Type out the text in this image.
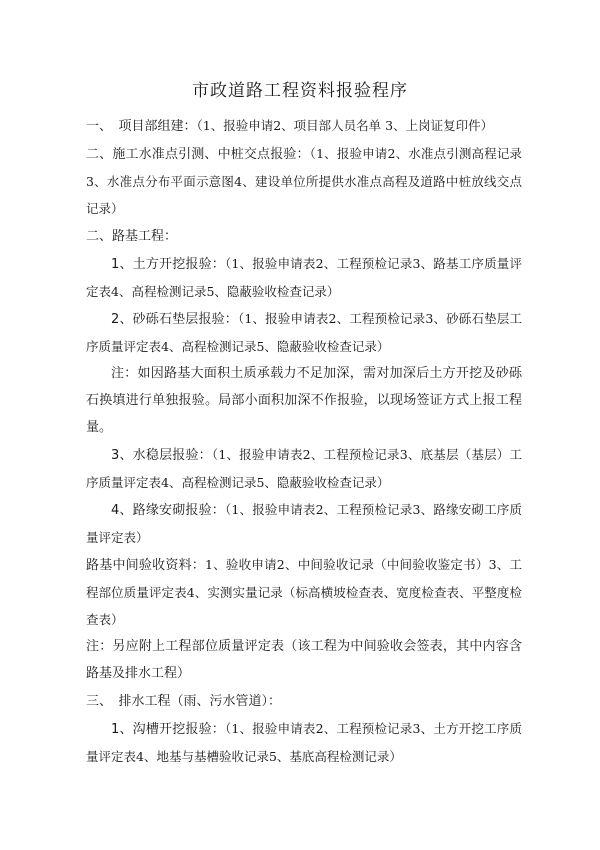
市政道路工程资料报验程序

一、　项目部组建：（1、报验申请2、项目部人员名单 3、上岗证复印件）

二、施工水准点引测、中桩交点报验：（1、报验申请2、水准点引测高程记录 3、水准点分布平面示意图4、建设单位所提供水准点高程及道路中桩放线交点记录）

二、路基工程：

1、土方开挖报验：（1、报验申请表2、工程预检记录3、路基工序质量评定表4、高程检测记录5、隐蔽验收检查记录）

2、砂砾石垫层报验：（1、报验申请表2、工程预检记录3、砂砾石垫层工序质量评定表4、高程检测记录5、隐蔽验收检查记录）

注：如因路基大面积土质承载力不足加深，需对加深后土方开挖及砂砾石换填进行单独报验。局部小面积加深不作报验，以现场签证方式上报工程量。

3、水稳层报验：（1、报验申请表2、工程预检记录3、底基层（基层）工序质量评定表4、高程检测记录5、隐蔽验收检查记录）

4、路缘安砌报验：（1、报验申请表2、工程预检记录3、路缘安砌工序质量评定表）

路基中间验收资料：1、验收申请2、中间验收记录（中间验收鉴定书）3、工程部位质量评定表4、实测实量记录（标高横坡检查表、宽度检查表、平整度检查表）

注：另应附上工程部位质量评定表（该工程为中间验收会签表，其中内容含路基及排水工程）

三、　排水工程（雨、污水管道）：

1、沟槽开挖报验：（1、报验申请表2、工程预检记录3、土方开挖工序质量评定表4、地基与基槽验收记录5、基底高程检测记录）
